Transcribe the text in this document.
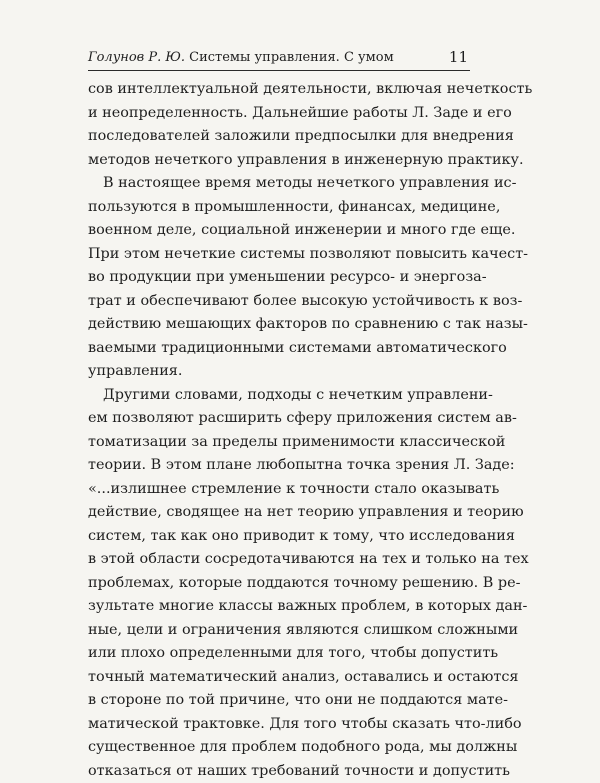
Голунов Р. Ю. Системы управления. С умом	11
сов интеллектуальной деятельности, включая нечеткость
и неопределенность. Дальнейшие работы Л. Заде и его
последователей заложили предпосылки для внедрения
методов нечеткого управления в инженерную практику.
В настоящее время методы нечеткого управления ис-
пользуются в промышленности, финансах, медицине,
военном деле, социальной инженерии и много где еще.
При этом нечеткие системы позволяют повысить качест-
во продукции при уменьшении ресурсо- и энергоза-
трат и обеспечивают более высокую устойчивость к воз-
действию мешающих факторов по сравнению с так назы-
ваемыми традиционными системами автоматического
управления.
Другими словами, подходы с нечетким управлени-
ем позволяют расширить сферу приложения систем ав-
томатизации за пределы применимости классической
теории. В этом плане любопытна точка зрения Л. Заде:
«...излишнее стремление к точности стало оказывать
действие, сводящее на нет теорию управления и теорию
систем, так как оно приводит к тому, что исследования
в этой области сосредотачиваются на тех и только на тех
проблемах, которые поддаются точному решению. В ре-
зультате многие классы важных проблем, в которых дан-
ные, цели и ограничения являются слишком сложными
или плохо определенными для того, чтобы допустить
точный математический анализ, оставались и остаются
в стороне по той причине, что они не поддаются мате-
матической трактовке. Для того чтобы сказать что-либо
существенное для проблем подобного рода, мы должны
отказаться от наших требований точности и допустить
